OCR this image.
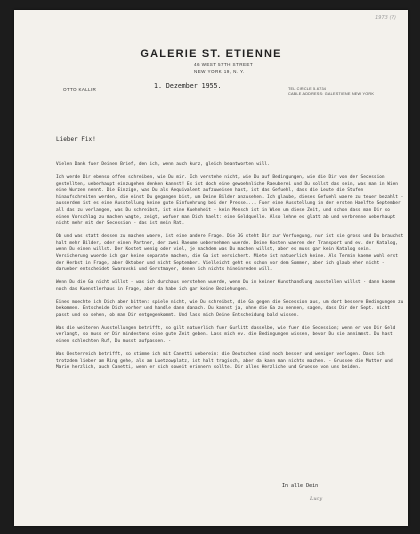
1973 (?)
GALERIE ST. ETIENNE
46 WEST 57TH STREET
NEW YORK 19, N. Y.
OTTO KALLIR	1. Dezember 1955.	TEL CIRCLE 5-6734
CABLE ADDRESS: GALESTIENE NEW YORK
Lieber Fix!

Vielen Dank fuer Deinen Brief, den ich, wenn auch kurz, gleich beantworten will.

Ich werde Dir ebenso offen schreiben, wie Du mir. Ich verstehe nicht, wie Du auf Bedingungen, wie die Dir von der Secession gestellten, ueberhaupt einzugehen denken kannst! Es ist doch eine gewoehnliche Raeuberei und Du sollst das sein, was man in Wien eine Wurzen nennt. Die Einzige, was Du als Aequivalent aufzuweisen hast, ist das Gefuehl, dass die Leute die Stufen hinaufschreiten werden, die einst Du gegangen bist, um Deine Bilder anzusehen. Ich glaube, dieses Gefuehl waere zu teuer bezahlt - ausserdem ist es eine Ausstellung keine gute Einfuehrung bei der Presse.... Fuer eine Ausstellung in der ersten Haelfte September all das zu verlangen, was Du schreibst, ist eine Kuehnheit - kein Mensch ist in Wien um diese Zeit, und schon dass man Dir so einen Vorschlag zu machen wagte, zeigt, wofuer man Dich haelt: eine Geldquelle. Also lehne es glatt ab und verbrenne ueberhaupt nicht mehr mit der Secession - das ist mein Rat.

Ob und was statt dessen zu machen waere, ist eine andere Frage. Die 3G steht Dir zur Verfuegung, nur ist sie gross und Du brauchst halt mehr Bilder, oder einen Partner, der zwei Raeume uebernehmen wuerde. Deine Kosten waeren der Transport und ev. der Katalog, wenn Du einen willst. Der Kostet wenig oder viel, je nachdem was Du machen willst, aber es muss gar kein Katalog sein. Versicherung wuerde ich gar keine separate machen, die Ga ist versichert. Miete ist natuerlich keine. Als Termin kaeme wohl erst der Herbst in Frage, aber Oktober und nicht September. Vielleicht geht es schon vor dem Sommer, aber ich glaub eher nicht - darueber entscheidet Swarovski und Gerstmayer, denen ich nichts hineinreden will.

Wenn Du die Ga nicht willst - was ich durchaus verstehen wuerde, wenn Du in keiner Kunsthandlung ausstellen willst - dann kaeme noch das Kuenstlerhaus in Frage, aber da habe ich gar keine Beziehungen.

Eines moechte ich Dich aber bitten: spiele nicht, wie Du schreibst, die Ga gegen die Secession aus, um dort bessere Bedingungen zu bekommen. Entscheide Dich vorher und handle dann danach. Du kannst ja, ohne die Ga zu nennen, sagen, dass Dir der Sept. nicht passt und so sehen, ob man Dir entgegenkommt. Und lass mich Deine Entscheidung bald wissen.

Was die weiteren Ausstellungen betrifft, so gilt natuerlich fuer Gurlitt dasselbe, wie fuer die Secession; wenn er von Dir Geld verlangt, so muss er Dir mindestens eine gute Zeit geben. Lass mich ev. die Bedingungen wissen, bevor Du sie annimmst. Du hast einen schlechten Ruf, Du musst aufpassen. -

Was Oesterreich betrifft, so stimme ich mit Canetti ueberein: die Deutschen sind noch besser und weniger verlogen. Dass ich trotzdem lieber am Ring gehe, als am Luetzowplatz, ist halt tragisch, aber da kann man nichts machen. - Grussee die Mutter und Marie herzlich, auch Canetti, wenn er sich soweit erinnern sollte. Dir alles Herzliche und Gruesse von uns beiden.

In alle Dein
Lucy
